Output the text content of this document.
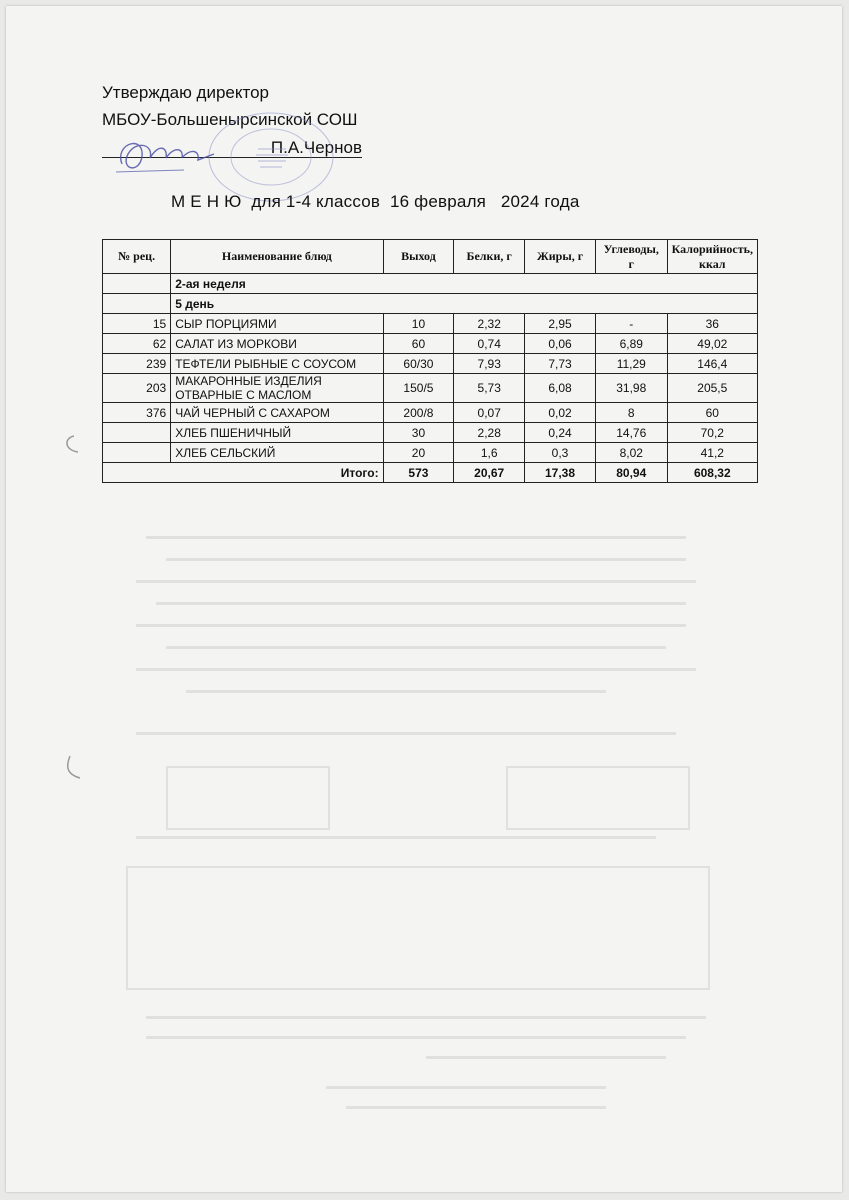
Утверждаю директор
МБОУ-Большенырсинской СОШ
П.А.Чернов
М Е Н Ю  для 1-4 классов  16 февраля   2024 года
№ рец.	Наименование блюд	Выход	Белки, г	Жиры, г	Углеводы, г	Калорийность, ккал
	2-ая неделя					
	5 день					
15	СЫР ПОРЦИЯМИ	10	2,32	2,95	-	36
62	САЛАТ ИЗ МОРКОВИ	60	0,74	0,06	6,89	49,02
239	ТЕФТЕЛИ РЫБНЫЕ С СОУСОМ	60/30	7,93	7,73	11,29	146,4
203	МАКАРОННЫЕ ИЗДЕЛИЯ ОТВАРНЫЕ С МАСЛОМ	150/5	5,73	6,08	31,98	205,5
376	ЧАЙ ЧЕРНЫЙ С САХАРОМ	200/8	0,07	0,02	8	60
	ХЛЕБ ПШЕНИЧНЫЙ	30	2,28	0,24	14,76	70,2
	ХЛЕБ СЕЛЬСКИЙ	20	1,6	0,3	8,02	41,2
Итого:		573	20,67	17,38	80,94	608,32
